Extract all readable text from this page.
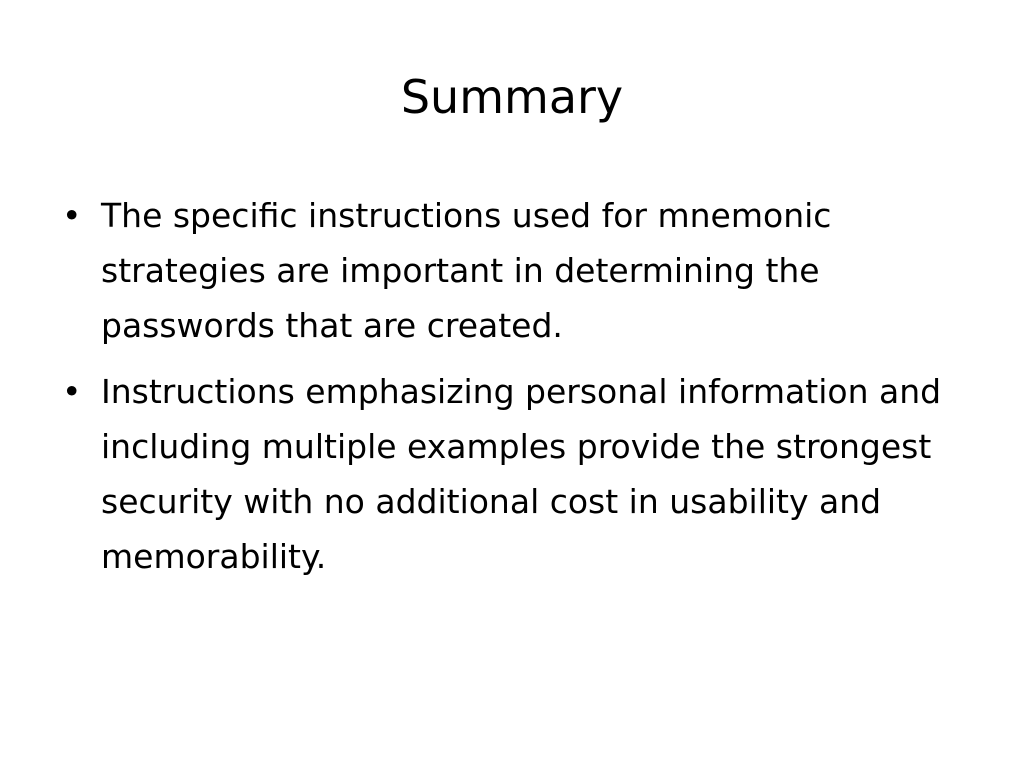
Summary
• The specific instructions used for mnemonic strategies are important in determining the passwords that are created.
• Instructions emphasizing personal information and including multiple examples provide the strongest security with no additional cost in usability and memorability.
